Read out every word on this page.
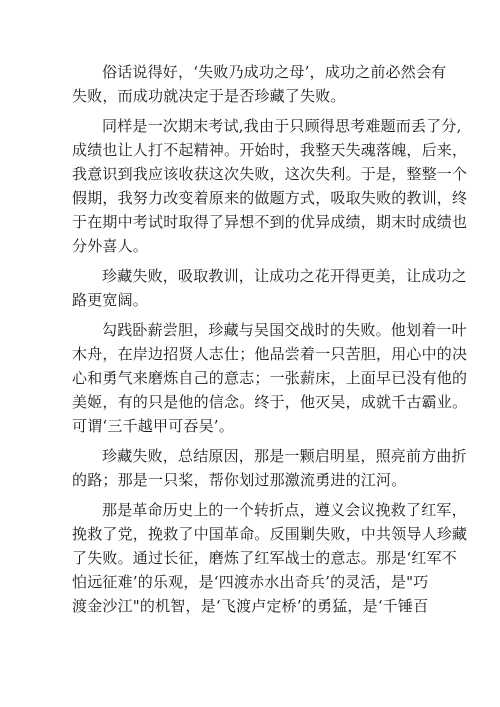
俗话说得好，‘失败乃成功之母’，成功之前必然会有
失败，而成功就决定于是否珍藏了失败。
同样是一次期末考试,我由于只顾得思考难题而丢了分,
成绩也让人打不起精神。开始时，我整天失魂落魄，后来，
我意识到我应该收获这次失败，这次失利。于是，整整一个
假期，我努力改变着原来的做题方式，吸取失败的教训，终
于在期中考试时取得了异想不到的优异成绩，期末时成绩也
分外喜人。
珍藏失败，吸取教训，让成功之花开得更美，让成功之
路更宽阔。
勾践卧薪尝胆，珍藏与吴国交战时的失败。他划着一叶
木舟，在岸边招贤人志仕；他品尝着一只苦胆，用心中的决
心和勇气来磨炼自己的意志；一张薪床，上面早已没有他的
美姬，有的只是他的信念。终于，他灭吴，成就千古霸业。
可谓‘三千越甲可吞吴’。
珍藏失败，总结原因，那是一颗启明星，照亮前方曲折
的路；那是一只桨，帮你划过那激流勇进的江河。
那是革命历史上的一个转折点，遵义会议挽救了红军，
挽救了党，挽救了中国革命。反围剿失败，中共领导人珍藏
了失败。通过长征，磨炼了红军战士的意志。那是‘红军不
怕远征难’的乐观，是‘四渡赤水出奇兵’的灵活，是"巧
渡金沙江"的机智，是‘飞渡卢定桥’的勇猛，是‘千锤百
